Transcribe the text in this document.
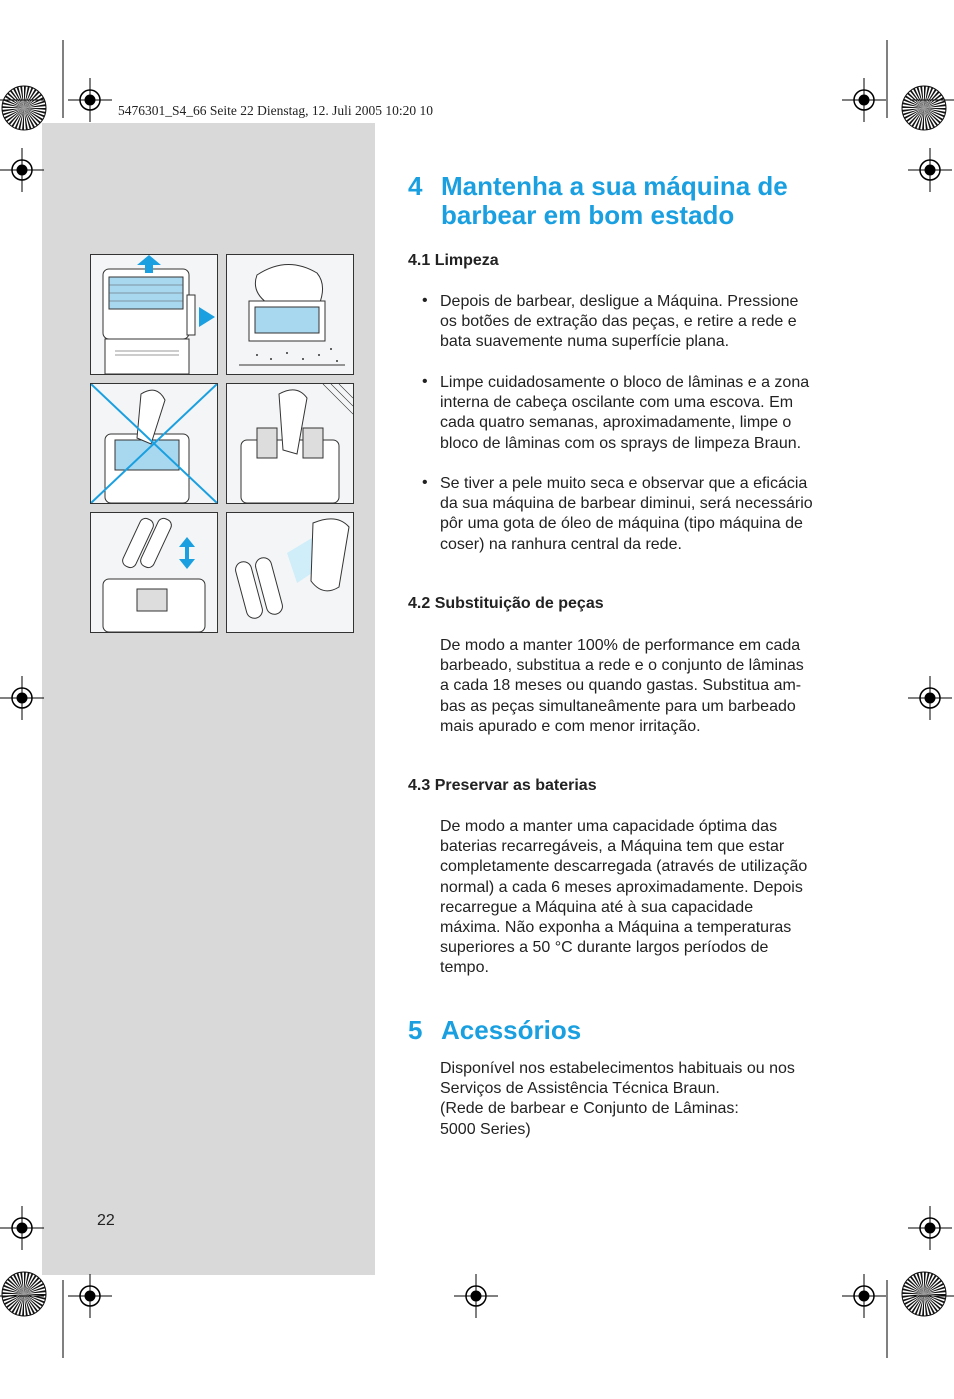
5476301_S4_66 Seite 22 Dienstag, 12. Juli 2005 10:20 10
4 Mantenha a sua máquina de
barbear em bom estado
4.1 Limpeza
• Depois de barbear, desligue a Máquina. Pressione
os botões de extração das peças, e retire a rede e
bata suavemente numa superfície plana.

• Limpe cuidadosamente o bloco de lâminas e a zona
interna de cabeça oscilante com uma escova. Em
cada quatro semanas, aproximadamente, limpe o
bloco de lâminas com os sprays de limpeza Braun.

• Se tiver a pele muito seca e observar que a eficácia
da sua máquina de barbear diminui, será necessário
pôr uma gota de óleo de máquina (tipo máquina de
coser) na ranhura central da rede.

4.2 Substituição de peças

De modo a manter 100% de performance em cada
barbeado, substitua a rede e o conjunto de lâminas
a cada 18 meses ou quando gastas. Substitua am-
bas as peças simultaneâmente para um barbeado
mais apurado e com menor irritação.

4.3 Preservar as baterias

De modo a manter uma capacidade óptima das
baterias recarregáveis, a Máquina tem que estar
completamente descarregada (através de utilização
normal) a cada 6 meses aproximadamente. Depois
recarregue a Máquina até à sua capacidade
máxima. Não exponha a Máquina a temperaturas
superiores a 50 °C durante largos períodos de
tempo.

5 Acessórios

Disponível nos estabelecimentos habituais ou nos
Serviços de Assistência Técnica Braun.
(Rede de barbear e Conjunto de Lâminas:
5000 Series)

22
